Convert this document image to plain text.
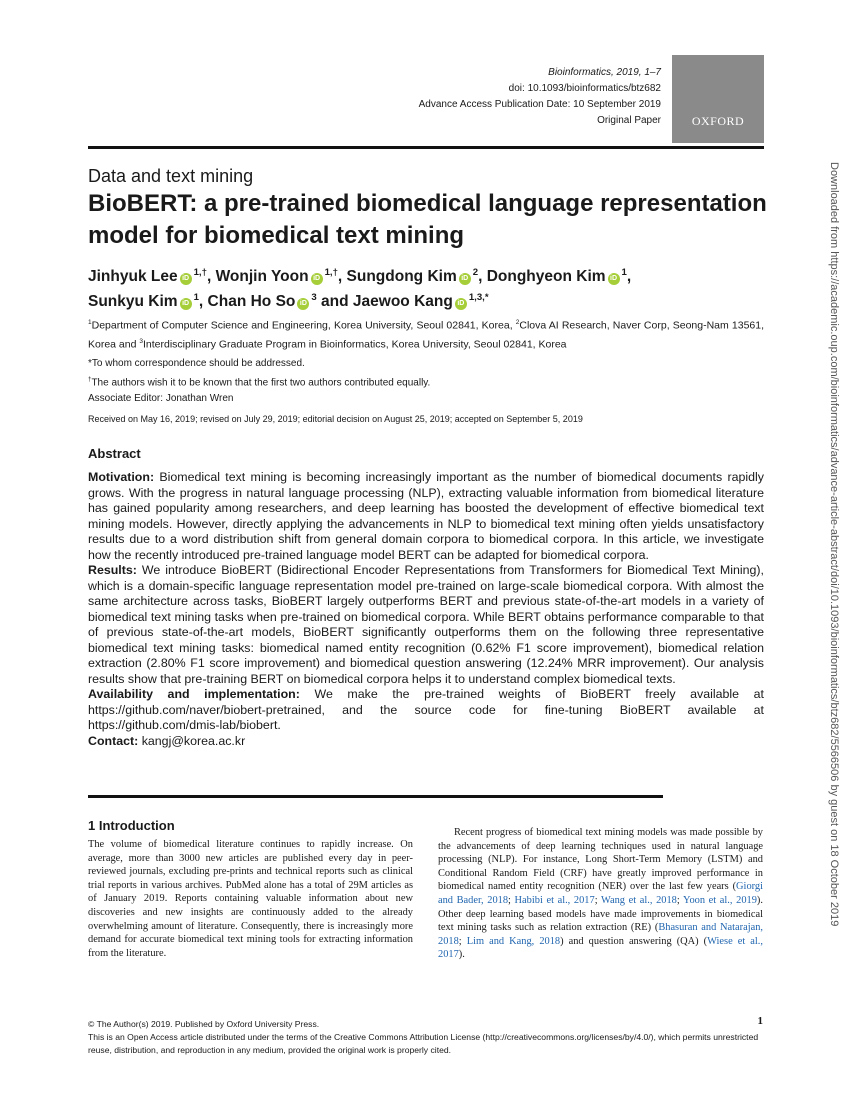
Bioinformatics, 2019, 1–7
doi: 10.1093/bioinformatics/btz682
Advance Access Publication Date: 10 September 2019
Original Paper	OXFORD
Downloaded from https://academic.oup.com/bioinformatics/advance-article-abstract/doi/10.1093/bioinformatics/btz682/5566506 by guest on 18 October 2019
Data and text mining
BioBERT: a pre-trained biomedical language representation model for biomedical text mining
Jinhyuk Lee $iD^{1,\dagger}$, Wonjin Yoon $iD^{1,\dagger}$, Sungdong Kim $iD^2$, Donghyeon Kim $iD^1$,
Sunkyu Kim $iD^1$, Chan Ho So $iD^3$ and Jaewoo Kang $iD^{1,3,*}$
$^1$Department of Computer Science and Engineering, Korea University, Seoul 02841, Korea, $^2$Clova AI Research, Naver Corp, Seong-Nam 13561, Korea and $^3$Interdisciplinary Graduate Program in Bioinformatics, Korea University, Seoul 02841, Korea
*To whom correspondence should be addressed.
†The authors wish it to be known that the first two authors contributed equally.
Associate Editor: Jonathan Wren
Received on May 16, 2019; revised on July 29, 2019; editorial decision on August 25, 2019; accepted on September 5, 2019
Abstract

Motivation: Biomedical text mining is becoming increasingly important as the number of biomedical documents rapidly grows. With the progress in natural language processing (NLP), extracting valuable information from biomedical literature has gained popularity among researchers, and deep learning has boosted the development of effective biomedical text mining models. However, directly applying the advancements in NLP to biomedical text mining often yields unsatisfactory results due to a word distribution shift from general domain corpora to biomedical corpora. In this article, we investigate how the recently introduced pre-trained language model BERT can be adapted for biomedical corpora.

Results: We introduce BioBERT (Bidirectional Encoder Representations from Transformers for Biomedical Text Mining), which is a domain-specific language representation model pre-trained on large-scale biomedical corpora. With almost the same architecture across tasks, BioBERT largely outperforms BERT and previous state-of-the-art models in a variety of biomedical text mining tasks when pre-trained on biomedical corpora. While BERT obtains performance comparable to that of previous state-of-the-art models, BioBERT significantly outperforms them on the following three representative biomedical text mining tasks: biomedical named entity recognition (0.62% F1 score improvement), biomedical relation extraction (2.80% F1 score improvement) and biomedical question answering (12.24% MRR improvement). Our analysis results show that pre-training BERT on biomedical corpora helps it to understand complex biomedical texts.

Availability and implementation: We make the pre-trained weights of BioBERT freely available at https://github.com/naver/biobert-pretrained, and the source code for fine-tuning BioBERT available at https://github.com/dmis-lab/biobert.

Contact: kangj@korea.ac.kr

1 Introduction

The volume of biomedical literature continues to rapidly increase. On average, more than 3000 new articles are published every day in peer-reviewed journals, excluding pre-prints and technical reports such as clinical trial reports in various archives. PubMed alone has a total of 29M articles as of January 2019. Reports containing valuable information about new discoveries and new insights are continuously added to the already overwhelming amount of literature. Consequently, there is increasingly more demand for accurate biomedical text mining tools for extracting information from the literature.

Recent progress of biomedical text mining models was made possible by the advancements of deep learning techniques used in natural language processing (NLP). For instance, Long Short-Term Memory (LSTM) and Conditional Random Field (CRF) have greatly improved performance in biomedical named entity recognition (NER) over the last few years (Giorgi and Bader, 2018; Habibi et al., 2017; Wang et al., 2018; Yoon et al., 2019). Other deep learning based models have made improvements in biomedical text mining tasks such as relation extraction (RE) (Bhasuran and Natarajan, 2018; Lim and Kang, 2018) and question answering (QA) (Wiese et al., 2017).

© The Author(s) 2019. Published by Oxford University Press.
This is an Open Access article distributed under the terms of the Creative Commons Attribution License (http://creativecommons.org/licenses/by/4.0/), which permits unrestricted reuse, distribution, and reproduction in any medium, provided the original work is properly cited.
1
